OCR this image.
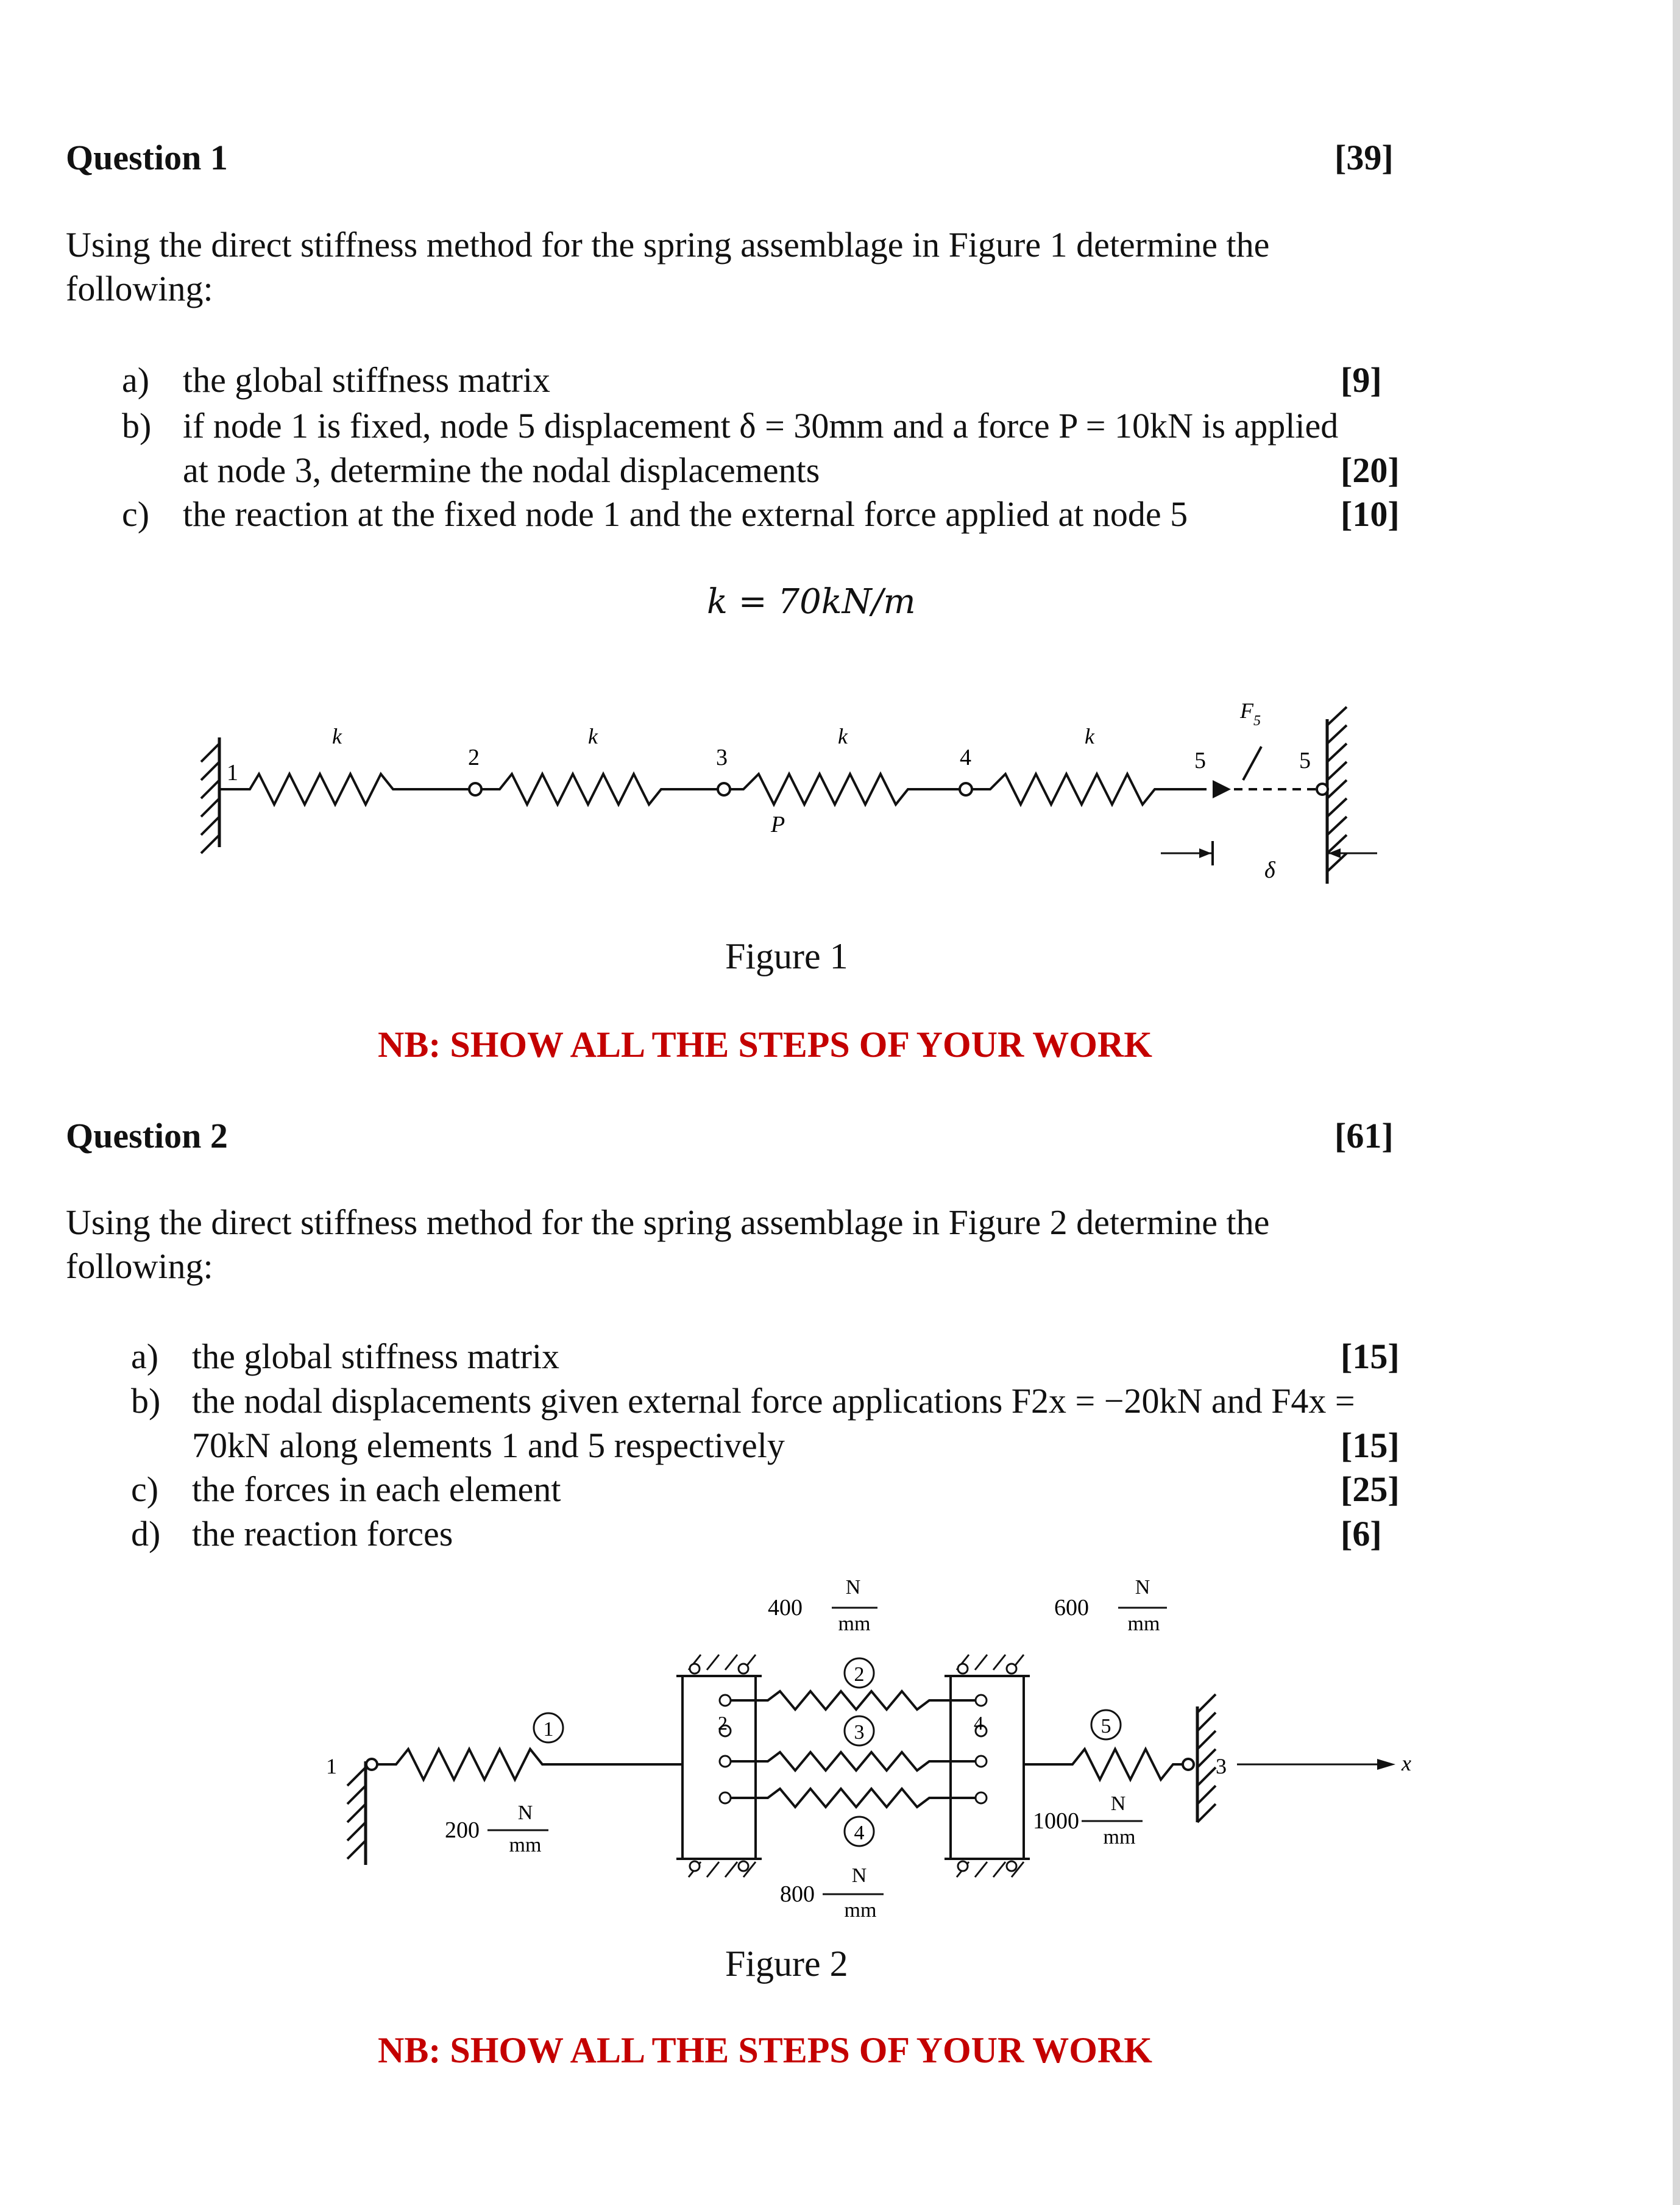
Question 1	[39]
Using the direct stiffness method for the spring assemblage in Figure 1 determine the
following:
a) the global stiffness matrix	[9]
b) if node 1 is fixed, node 5 displacement δ = 30mm and a force P = 10kN is applied
at node 3, determine the nodal displacements	[20]
c) the reaction at the fixed node 1 and the external force applied at node 5	[10]
k = 70kN/m
1
2	3	4	5	5
k	k	k	k
P
F 5
δ
Figure 1
NB: SHOW ALL THE STEPS OF YOUR WORK
Question 2	[61]
Using the direct stiffness method for the spring assemblage in Figure 2 determine the
following:
a) the global stiffness matrix	[15]
b) the nodal displacements given external force applications F2x = −20kN and F4x =
70kN along elements 1 and 5 respectively	[15]
c) the forces in each element	[25]
d) the reaction forces	[6]
x
1
2
3
4
5
1
2	4
3
400
N
mm
600
N
mm
200
N
mm
1000
N
mm
800
N
mm
Figure 2
NB: SHOW ALL THE STEPS OF YOUR WORK
